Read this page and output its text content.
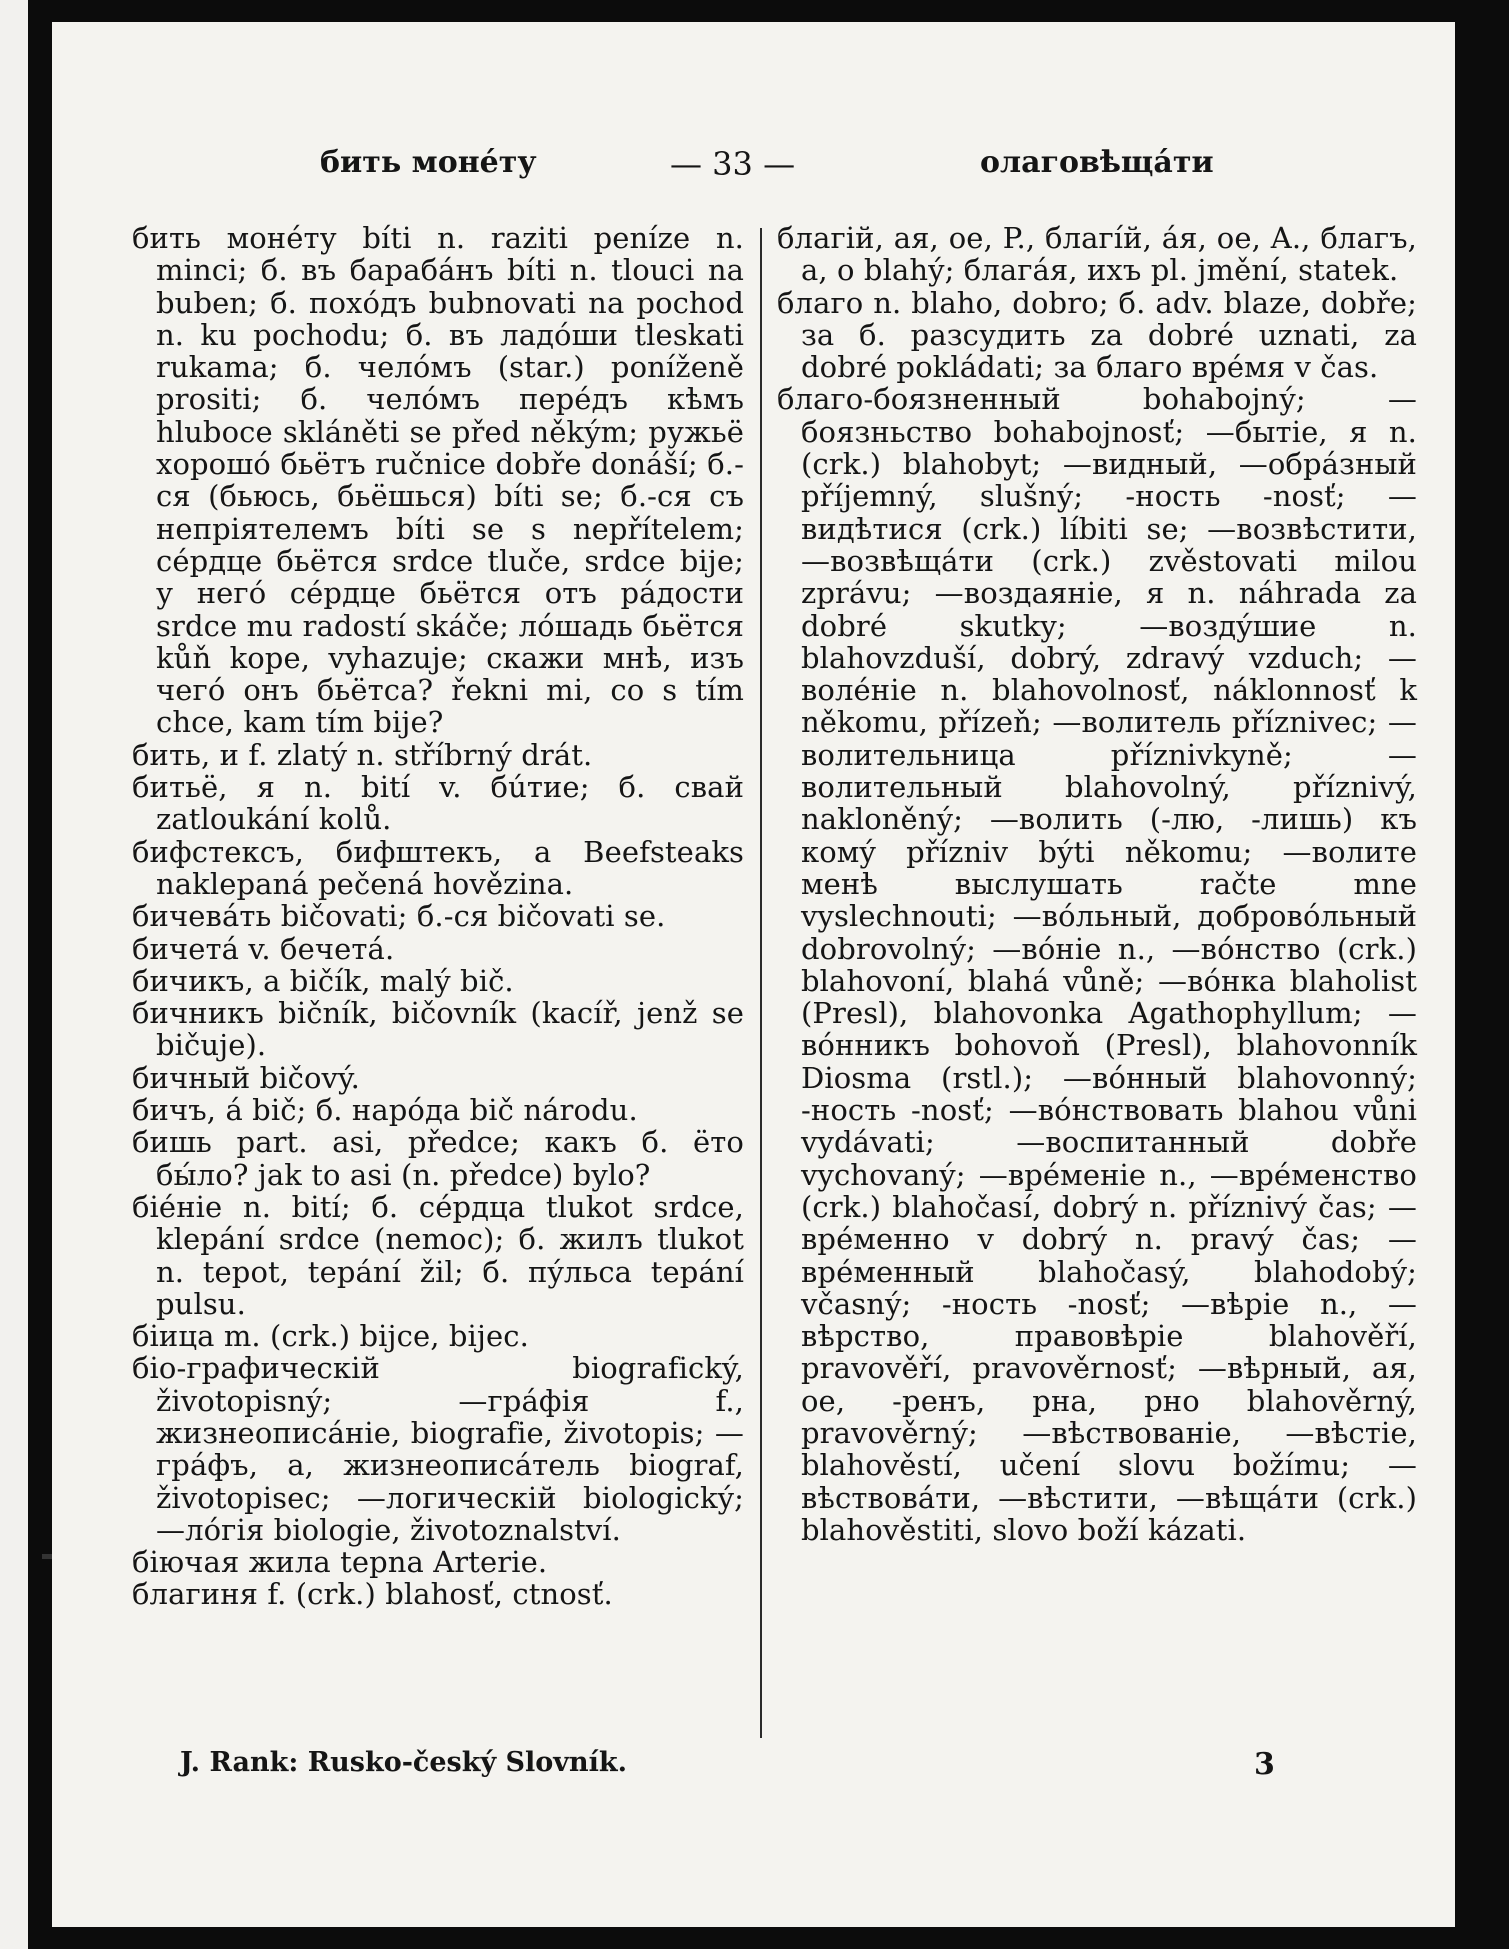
бить монéту	— 33 —	олаговѣщáти

бить монéту bíti n. raziti peníze n. minci; б. въ барабáнъ bíti n. tlouci na buben; б. похóдъ bubnovati na pochod n. ku pochodu; б. въ ладóши tleskati rukama; б. челóмъ (star.) poníženě prositi; б. челóмъ перéдъ кѣмъ hluboce skláněti se před někým; ружьë хорошó бьëтъ ručnice dobře donáší; б.-ся (бьюсь, бьëшься) bíti se; б.-ся съ непріятелемъ bíti se s nepřítelem; сéрдце бьëтся srdce tluče, srdce bije; у негó сéрдце бьëтся отъ рáдости srdce mu radostí skáče; лóшадь бьëтся kůň kope, vyhazuje; скажи мнѣ, изъ чегó онъ бьëтса? řekni mi, co s tím chce, kam tím bije?

бить, и f. zlatý n. stříbrný drát.

битьë, я n. bití v. бúтие; б. свай zatloukání kolů.

бифстексъ, бифштекъ, a Beefsteaks naklepaná pečená hovězina.

бичевáть bičovati; б.-ся bičovati se.

бичетá v. бечетá.

бичикъ, a bičík, malý bič.

бичникъ bičník, bičovník (kacíř, jenž se bičuje).

бичный bičový.

бичъ, á bič; б. нарóда bič národu.

бишь part. asi, předce; какъ б. ëто бы́ло? jak to asi (n. předce) bylo?

біéніе n. bití; б. сéрдца tlukot srdce, klepání srdce (nemoc); б. жилъ tlukot n. tepot, tepání žil; б. пýльса tepání pulsu.

біица m. (crk.) bijce, bijec.

біо-графическій biografický, životopisný; —грáфія f., жизнеописáніе, biografie, životopis; —грáфъ, a, жизнеописáтель biograf, životopisec; —логическій biologický; —лóгія biologie, životoznalství.

біючая жила tepna Arterie.

благиня f. (crk.) blahosť, ctnosť.

благій, ая, ое, P., благíй, áя, ое, A., благъ, а, о blahý; благáя, ихъ pl. jmění, statek.

благо n. blaho, dobro; б. adv. blaze, dobře; за б. разсудить za dobré uznati, za dobré pokládati; за благо врéмя v čas.

благо-боязненный bohabojný; —боязньство bohabojnosť; —бытіе, я n. (crk.) blahobyt; —видный, —обрáзный příjemný, slušný; -ность -nosť; —видѣтися (crk.) líbiti se; —возвѣстити, —возвѣщáти (crk.) zvěstovati milou zprávu; —воздаяніе, я n. náhrada za dobré skutky; —воздýшие n. blahovzduší, dobrý, zdravý vzduch; —волéніе n. blahovolnosť, náklonnosť k někomu, přízeň; —волитель příznivec; —волительница příznivkyně; —волительный blahovolný, příznivý, nakloněný; —волить (-лю, -лишь) къ комý přízniv býti někomu; —волите менѣ выслушать račte mne vyslechnouti; —вóльный, добровóльный dobrovolný; —вóніе n., —вóнство (crk.) blahovoní, blahá vůně; —вóнка blaholist (Presl), blahovonka Agathophyllum; —вóнникъ bohovoň (Presl), blahovonník Diosma (rstl.); —вóнный blahovonný; -ность -nosť; —вóнствовать blahou vůni vydávati; —воспитанный dobře vychovaný; —врéменіе n., —врéменство (crk.) blahočasí, dobrý n. příznivý čas; —врéменно v dobrý n. pravý čas; —врéменный blahočasý, blahodobý; včasný; -ность -nosť; —вѣріе n., —вѣрство, правовѣріе blahověří, pravověří, pravověrnosť; —вѣрный, ая, ое, -ренъ, рна, рно blahověrný, pravověrný; —вѣствованіе, —вѣстіе, blahověstí, učení slovu božímu; —вѣствовáти, —вѣстити, —вѣщáти (crk.) blahověstiti, slovo boží kázati.

J. Rank: Rusko-český Slovník.	3
